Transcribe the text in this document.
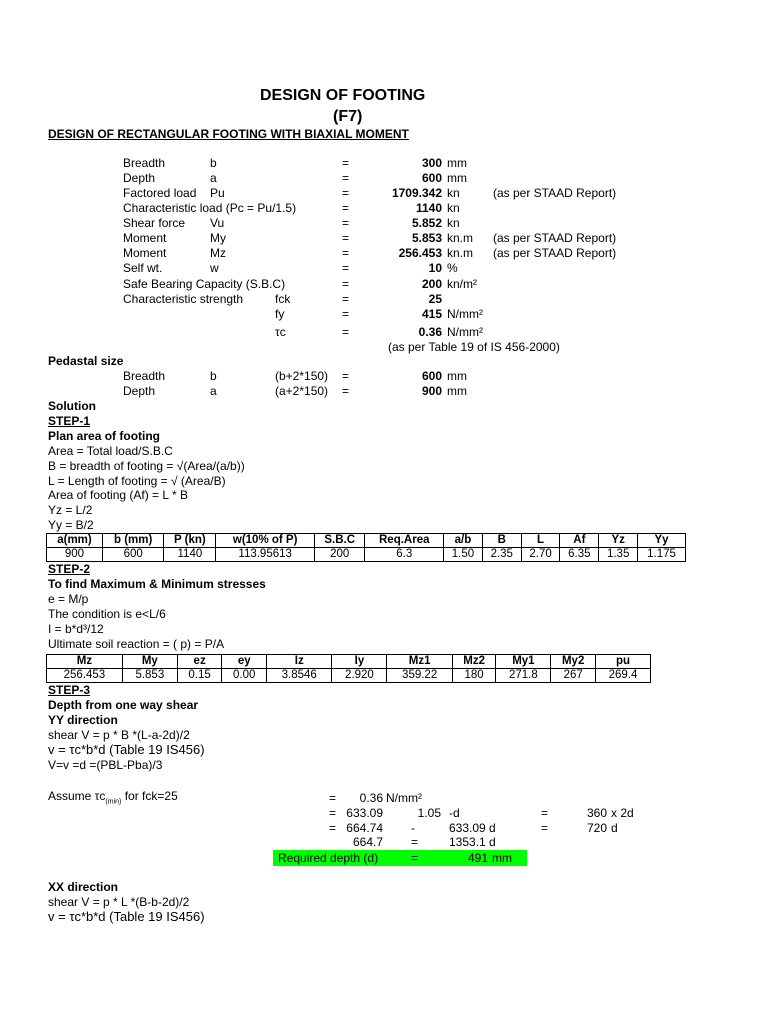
DESIGN OF FOOTING
(F7)
DESIGN OF RECTANGULAR FOOTING WITH BIAXIAL MOMENT
Breadth	b	=	300 mm
Depth	a	=	600 mm
Factored load Pu	=	1709.342 kn	(as per STAAD Report)
Characteristic load (Pc = Pu/1.5)	=	1140 kn
Shear force Vu	=	5.852 kn
Moment	My	=	5.853 kn.m (as per STAAD Report)
Moment	Mz	=	256.453 kn.m (as per STAAD Report)
Self wt.	w	=	10 %
Safe Bearing Capacity (S.B.C)	=	200 kn/m²
Characteristic strength	fck	=	25
fy	=	415 N/mm²
τc	=	0.36 N/mm²
(as per Table 19 of IS 456-2000)
Pedastal size
Breadth	b	(b+2*150) =	600 mm
Depth	a	(a+2*150) =	900 mm
Solution
STEP-1
Plan area of footing
Area = Total load/S.B.C
B = breadth of footing = √(Area/(a/b))
L = Length of footing = √ (Area/B)
Area of footing (Af) = L * B
Yz = L/2
Yy = B/2
a(mm)	b (mm)	P (kn)	w(10% of P)	S.B.C	Req.Area	a/b	B	L	Af	Yz	Yy
900	600	1140	113.95613	200	6.3	1.50	2.35	2.70	6.35	1.35	1.175
STEP-2
To find Maximum & Minimum stresses
e = M/p
The condition is e<L/6
I = b*d³/12
Ultimate soil reaction = ( p) = P/A
Mz	My	ez	ey	Iz	Iy	Mz1	Mz2	My1	My2	pu
256.453	5.853	0.15	0.00	3.8546	2.920	359.22	180	271.8	267	269.4
STEP-3
Depth from one way shear
YY direction
shear V = p * B *(L-a-2d)/2
v = τc*b*d (Table 19 IS456)
V=v =d =(PBL-Pba)/3
Assume $\tau c_{(min)}$ for fck=25	=	0.36 N/mm²
= 633.09	1.05 -d	=	360 x 2d
= 664.74 -	633.09 d	=	720 d
664.7 =	1353.1 d
Required depth (d)	=	491 mm
XX direction
shear V = p * L *(B-b-2d)/2
v = τc*b*d (Table 19 IS456)
